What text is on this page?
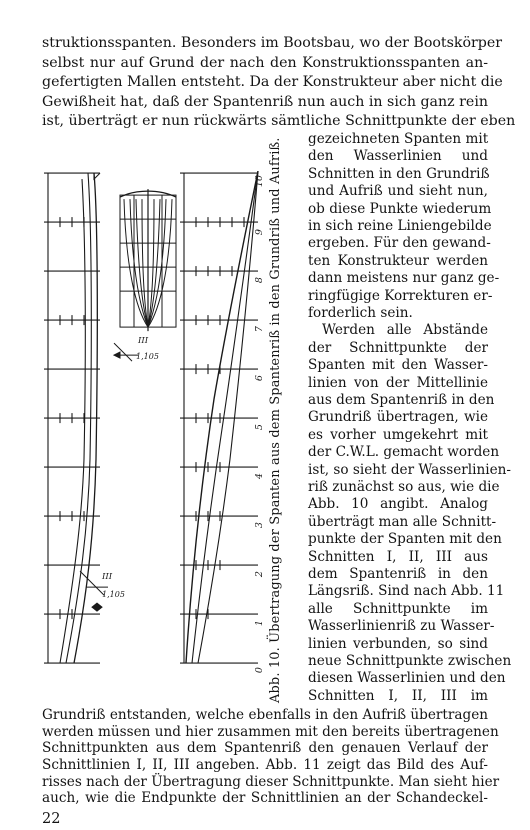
struktionsspanten. Besonders im Bootsbau, wo der Bootskörper
selbst nur auf Grund der nach den Konstruktionsspanten an-
gefertigten Mallen entsteht. Da der Konstrukteur aber nicht die
Gewißheit hat, daß der Spantenriß nun auch in sich ganz rein
ist, überträgt er nun rückwärts sämtliche Schnittpunkte der eben
gezeichneten Spanten mit
den Wasserlinien und
Schnitten in den Grundriß
und Aufriß und sieht nun,
ob diese Punkte wiederum
in sich reine Liniengebilde
ergeben. Für den gewand-
ten Konstrukteur werden
dann meistens nur ganz ge-
ringfügige Korrekturen er-
forderlich sein.
Werden alle Abstände
der Schnittpunkte der
Spanten mit den Wasser-
linien von der Mittellinie
aus dem Spantenriß in den
Grundriß übertragen, wie
es vorher umgekehrt mit
der C.W.L. gemacht worden
ist, so sieht der Wasserlinien-
riß zunächst so aus, wie die
Abb. 10 angibt. Analog
überträgt man alle Schnitt-
punkte der Spanten mit den
Schnitten I, II, III aus
dem Spantenriß in den
Längsriß. Sind nach Abb. 11
alle Schnittpunkte im
Wasserlinienriß zu Wasser-
linien verbunden, so sind
neue Schnittpunkte zwischen
diesen Wasserlinien und den
Schnitten I, II, III im
Abb. 10. Übertragung der Spanten aus dem Spantenriß in den Grundriß und Aufriß.
III
1,105
III
1,105
10
9
8
7
6
5
4
3
2
1
0
Grundriß entstanden, welche ebenfalls in den Aufriß übertragen
werden müssen und hier zusammen mit den bereits übertragenen
Schnittpunkten aus dem Spantenriß den genauen Verlauf der
Schnittlinien I, II, III angeben. Abb. 11 zeigt das Bild des Auf-
risses nach der Übertragung dieser Schnittpunkte. Man sieht hier
auch, wie die Endpunkte der Schnittlinien an der Schandeckel-
22
